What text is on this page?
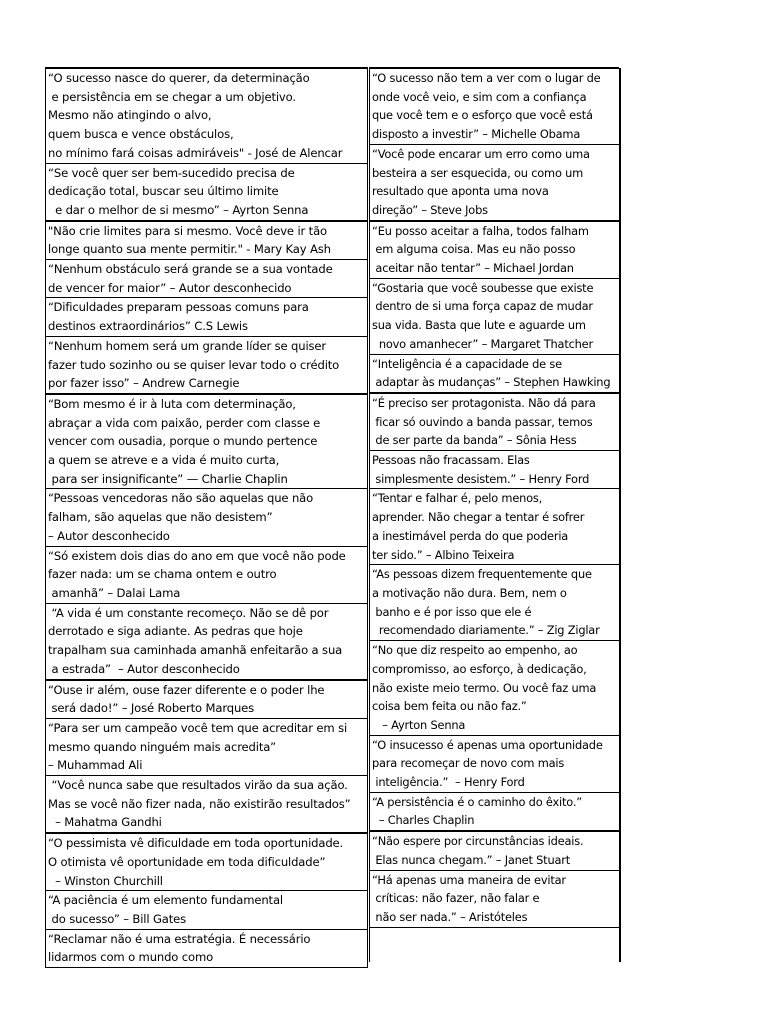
“O sucesso nasce do querer, da determinação
e persistência em se chegar a um objetivo.
Mesmo não atingindo o alvo,
quem busca e vence obstáculos,
no mínimo fará coisas admiráveis" - José de Alencar
“Se você quer ser bem-sucedido precisa de
dedicação total, buscar seu último limite
e dar o melhor de si mesmo” – Ayrton Senna
"Não crie limites para si mesmo. Você deve ir tão
longe quanto sua mente permitir." - Mary Kay Ash
“Nenhum obstáculo será grande se a sua vontade
de vencer for maior” – Autor desconhecido
“Dificuldades preparam pessoas comuns para
destinos extraordinários” C.S Lewis
“Nenhum homem será um grande líder se quiser
fazer tudo sozinho ou se quiser levar todo o crédito
por fazer isso” – Andrew Carnegie
“Bom mesmo é ir à luta com determinação,
abraçar a vida com paixão, perder com classe e
vencer com ousadia, porque o mundo pertence
a quem se atreve e a vida é muito curta,
para ser insignificante” — Charlie Chaplin
“Pessoas vencedoras não são aquelas que não
falham, são aquelas que não desistem”
– Autor desconhecido
“Só existem dois dias do ano em que você não pode
fazer nada: um se chama ontem e outro
amanhã” – Dalai Lama
“A vida é um constante recomeço. Não se dê por
derrotado e siga adiante. As pedras que hoje
trapalham sua caminhada amanhã enfeitarão a sua
a estrada”  – Autor desconhecido
“Ouse ir além, ouse fazer diferente e o poder lhe
será dado!” – José Roberto Marques
“Para ser um campeão você tem que acreditar em si
mesmo quando ninguém mais acredita”
– Muhammad Ali
“Você nunca sabe que resultados virão da sua ação.
Mas se você não fizer nada, não existirão resultados”
– Mahatma Gandhi
“O pessimista vê dificuldade em toda oportunidade.
O otimista vê oportunidade em toda dificuldade”
– Winston Churchill
“A paciência é um elemento fundamental
do sucesso” – Bill Gates
“Reclamar não é uma estratégia. É necessário
lidarmos com o mundo como
“O sucesso não tem a ver com o lugar de
onde você veio, e sim com a confiança
que você tem e o esforço que você está
disposto a investir” – Michelle Obama
“Você pode encarar um erro como uma
besteira a ser esquecida, ou como um
resultado que aponta uma nova
direção” – Steve Jobs
“Eu posso aceitar a falha, todos falham
em alguma coisa. Mas eu não posso
aceitar não tentar” – Michael Jordan
“Gostaria que você soubesse que existe
dentro de si uma força capaz de mudar
sua vida. Basta que lute e aguarde um
novo amanhecer” – Margaret Thatcher
“Inteligência é a capacidade de se
adaptar às mudanças” – Stephen Hawking
“É preciso ser protagonista. Não dá para
ficar só ouvindo a banda passar, temos
de ser parte da banda” – Sônia Hess
Pessoas não fracassam. Elas
simplesmente desistem.” – Henry Ford
“Tentar e falhar é, pelo menos,
aprender. Não chegar a tentar é sofrer
a inestimável perda do que poderia
ter sido.” – Albino Teixeira
“As pessoas dizem frequentemente que
a motivação não dura. Bem, nem o
banho e é por isso que ele é
recomendado diariamente.” – Zig Ziglar
“No que diz respeito ao empenho, ao
compromisso, ao esforço, à dedicação,
não existe meio termo. Ou você faz uma
coisa bem feita ou não faz.”
– Ayrton Senna
“O insucesso é apenas uma oportunidade
para recomeçar de novo com mais
inteligência.”  – Henry Ford
“A persistência é o caminho do êxito.”
– Charles Chaplin
“Não espere por circunstâncias ideais.
Elas nunca chegam.” – Janet Stuart
“Há apenas uma maneira de evitar
críticas: não fazer, não falar e
não ser nada.” – Aristóteles
